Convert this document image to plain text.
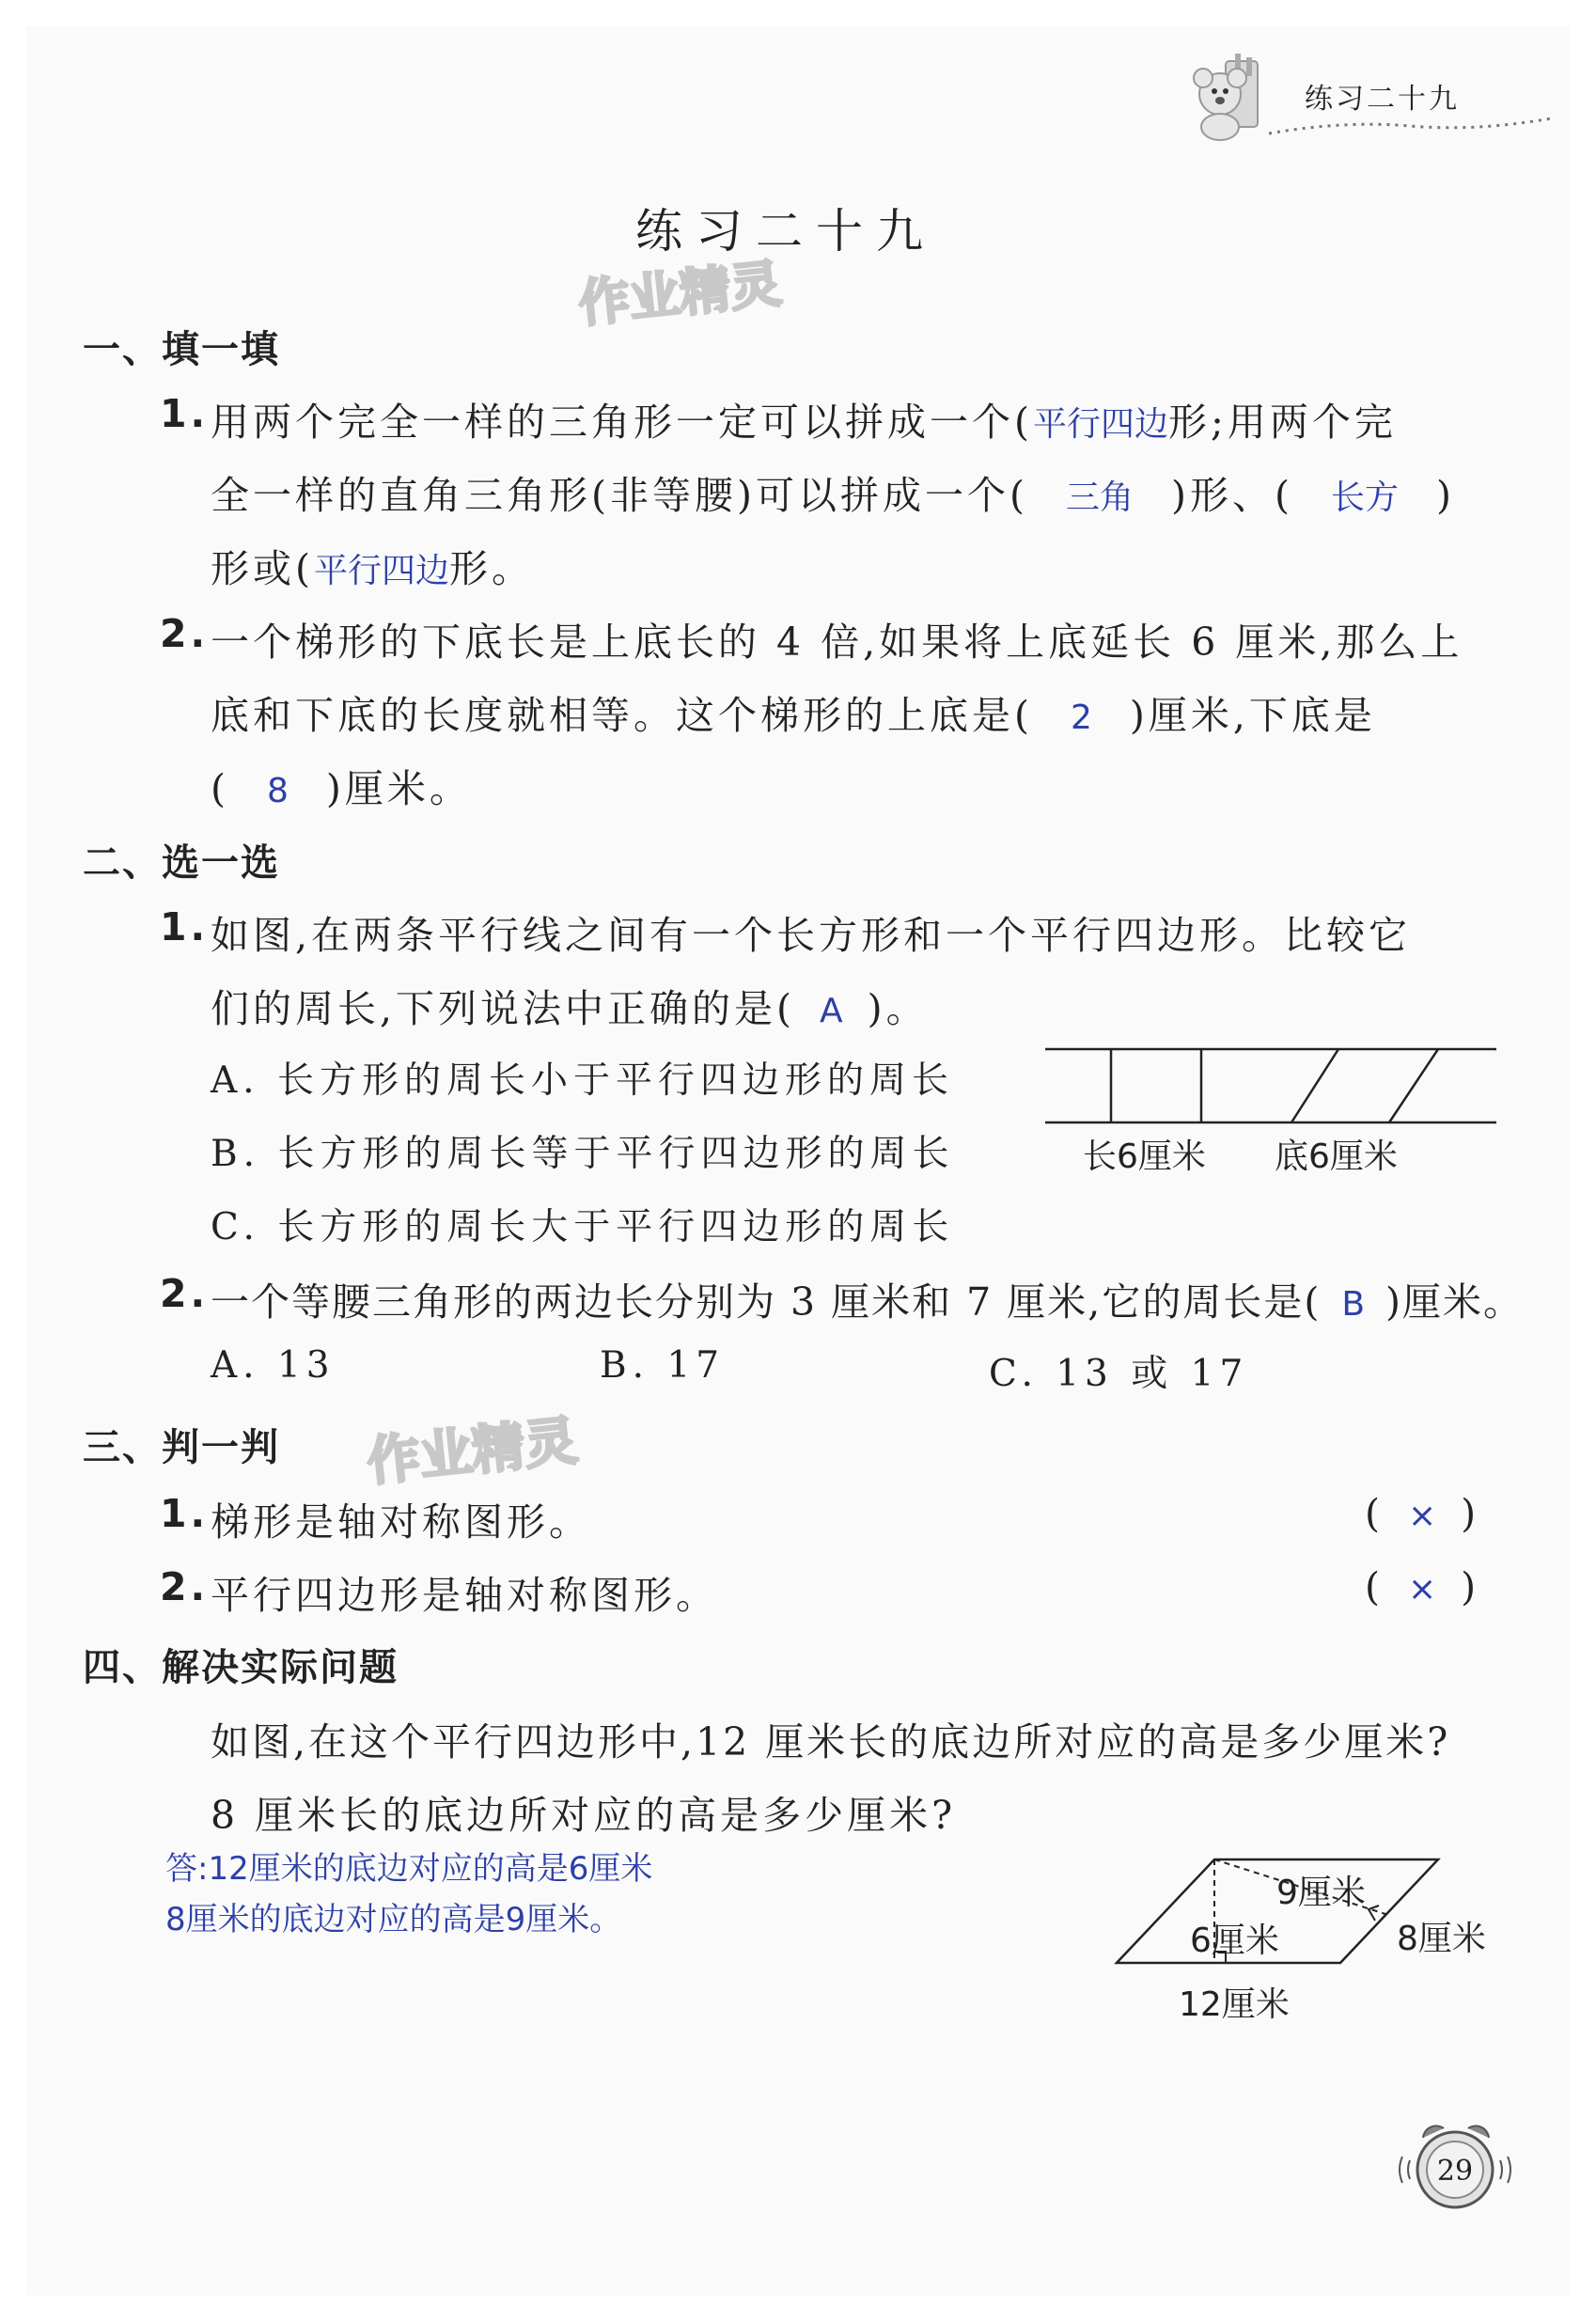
练习二十九
练习二十九
作业精灵
一、填一填
1. 用两个完全一样的三角形一定可以拼成一个(平行四边形;用两个完
全一样的直角三角形(非等腰)可以拼成一个( 三角 )形、( 长方 )
形或(平行四边形。
2. 一个梯形的下底长是上底长的 4 倍,如果将上底延长 6 厘米,那么上
底和下底的长度就相等。这个梯形的上底是( 2 )厘米,下底是
( 8 )厘米。
二、选一选
1. 如图,在两条平行线之间有一个长方形和一个平行四边形。比较它
们的周长,下列说法中正确的是( A )。
A. 长方形的周长小于平行四边形的周长
B. 长方形的周长等于平行四边形的周长
C. 长方形的周长大于平行四边形的周长
长6厘米 底6厘米
2. 一个等腰三角形的两边长分别为 3 厘米和 7 厘米,它的周长是( B )厘米。
A. 13	B. 17	C. 13 或 17
三、判一判 作业精灵
1. 梯形是轴对称图形。	( × )
2. 平行四边形是轴对称图形。	( × )
四、解决实际问题
如图,在这个平行四边形中,12 厘米长的底边所对应的高是多少厘米?
8 厘米长的底边所对应的高是多少厘米?
答:12厘米的底边对应的高是6厘米
8厘米的底边对应的高是9厘米。
9厘米
6厘米	8厘米
12厘米
29
